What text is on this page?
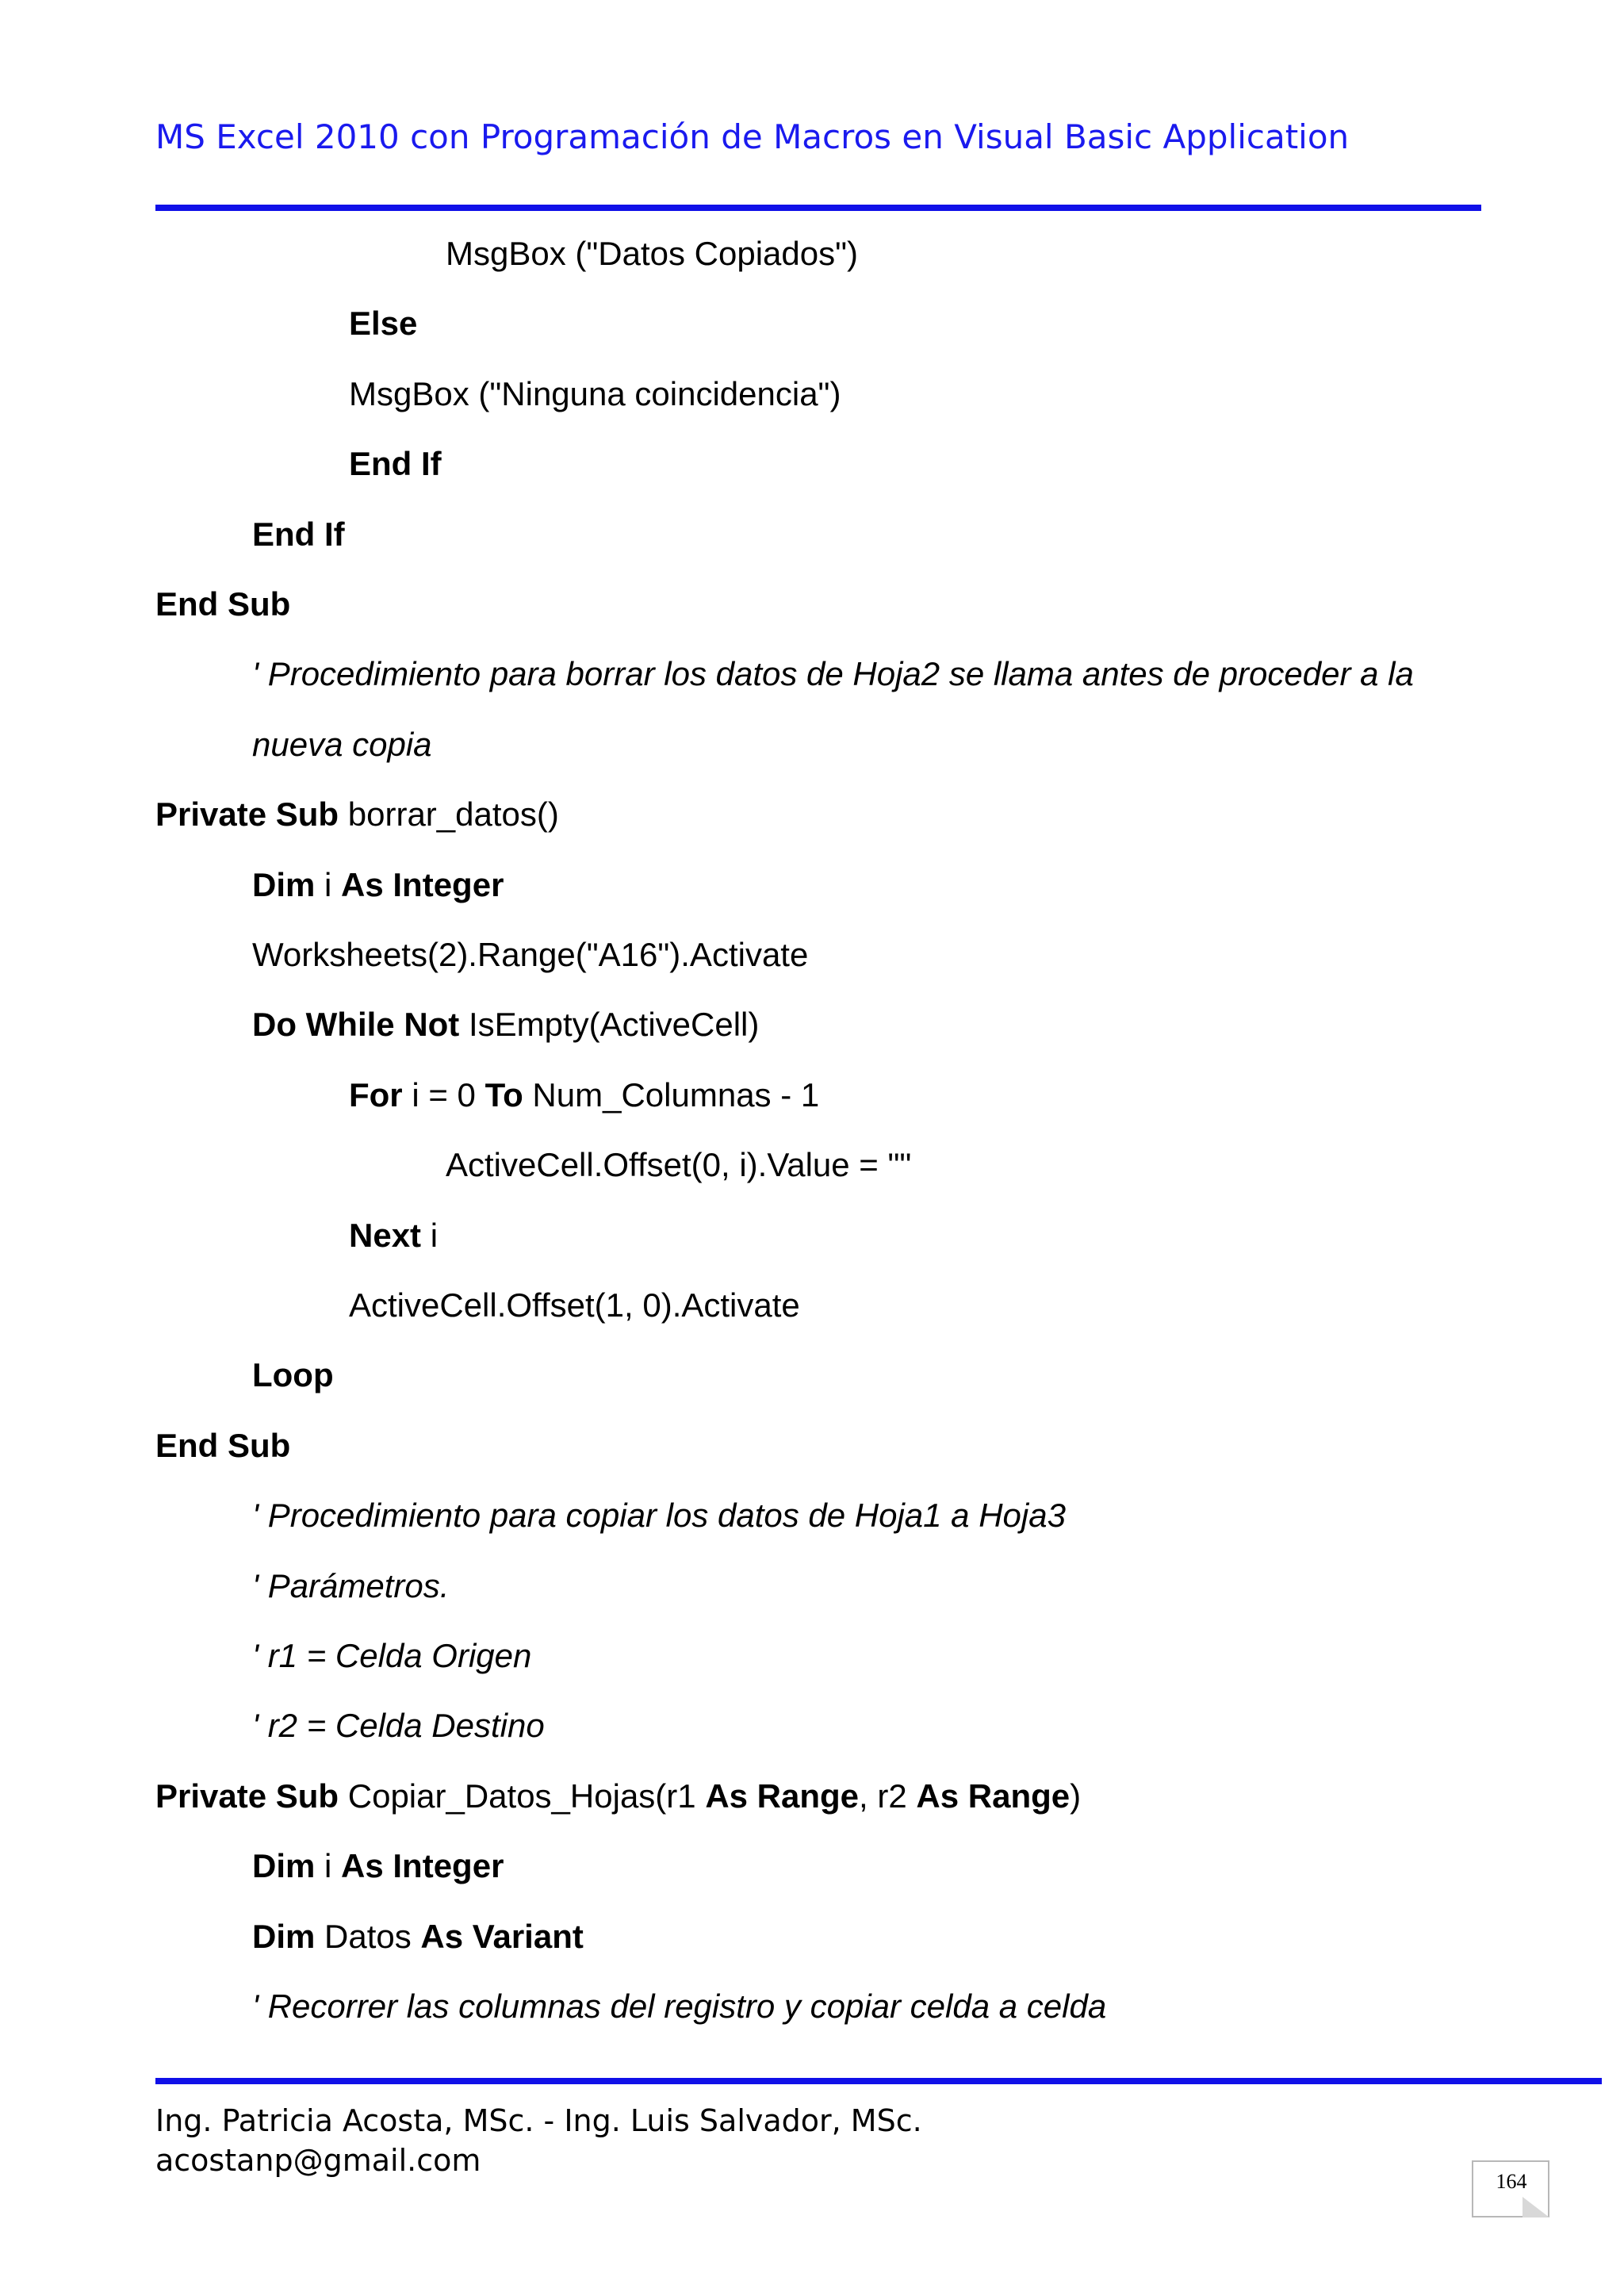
MS Excel 2010 con Programación de Macros en Visual Basic Application
MsgBox ("Datos Copiados")
Else
MsgBox ("Ninguna coincidencia")
End If
End If
End Sub
' Procedimiento para borrar los datos de Hoja2 se llama antes de proceder a la
nueva copia
Private Sub borrar_datos()
Dim i As Integer
Worksheets(2).Range("A16").Activate
Do While Not IsEmpty(ActiveCell)
For i = 0 To Num_Columnas - 1
ActiveCell.Offset(0, i).Value = ""
Next i
ActiveCell.Offset(1, 0).Activate
Loop
End Sub
' Procedimiento para copiar los datos de Hoja1 a Hoja3
' Parámetros.
' r1 = Celda Origen
' r2 = Celda Destino
Private Sub Copiar_Datos_Hojas(r1 As Range, r2 As Range)
Dim i As Integer
Dim Datos As Variant
' Recorrer las columnas del registro y copiar celda a celda
Ing. Patricia Acosta, MSc. - Ing. Luis Salvador, MSc.
acostanp@gmail.com
164
